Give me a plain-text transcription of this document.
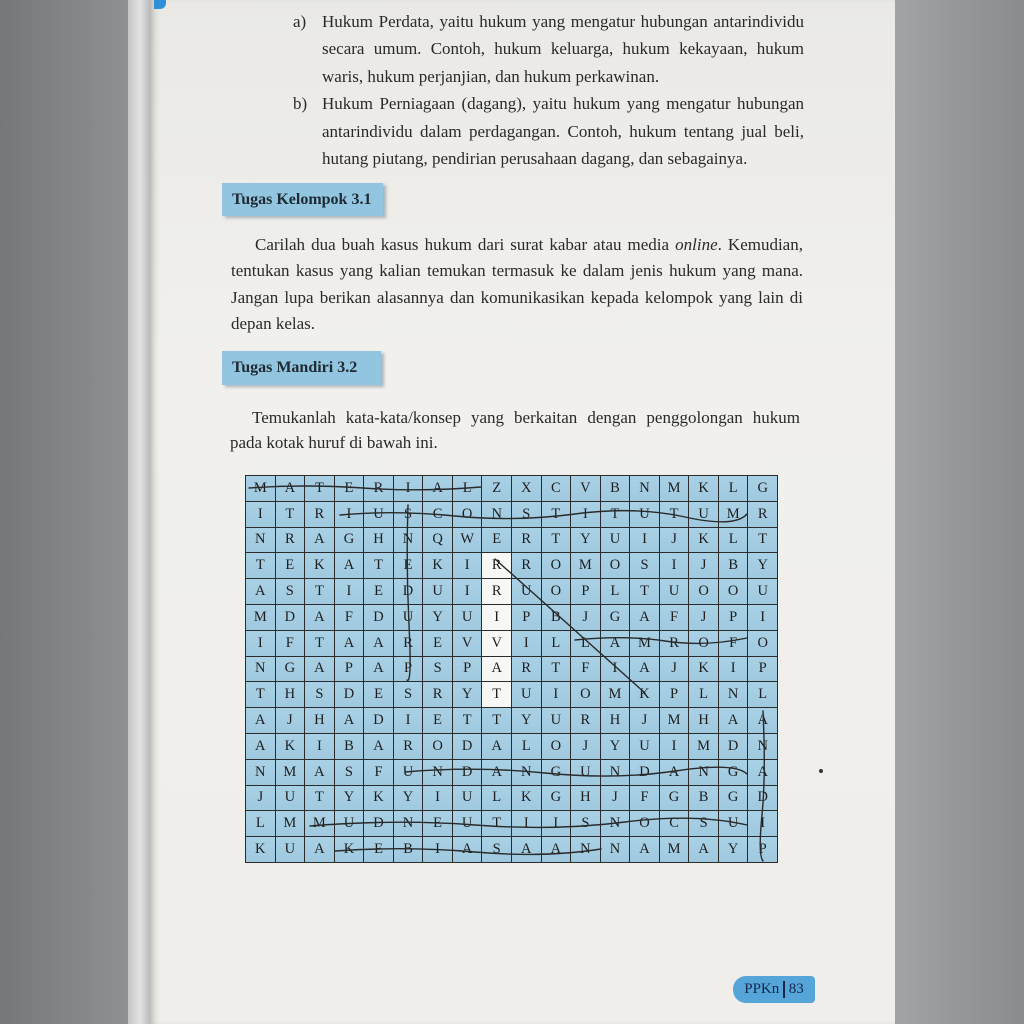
a) Hukum Perdata, yaitu hukum yang mengatur hubungan antarindividu
secara umum. Contoh, hukum keluarga, hukum kekayaan, hukum
waris, hukum perjanjian, dan hukum perkawinan.
b) Hukum Perniagaan (dagang), yaitu hukum yang mengatur hubungan
antarindividu dalam perdagangan. Contoh, hukum tentang jual beli,
hutang piutang, pendirian perusahaan dagang, dan sebagainya.
Tugas Kelompok 3.1
Carilah dua buah kasus hukum dari surat kabar atau media online. Kemudian,
tentukan kasus yang kalian temukan termasuk ke dalam jenis hukum yang mana.
Jangan lupa berikan alasannya dan komunikasikan kepada kelompok yang lain di
depan kelas.
Tugas Mandiri 3.2
Temukanlah kata-kata/konsep yang berkaitan dengan penggolongan hukum
pada kotak huruf di bawah ini.
M	A	T	E	R	I	A	L	Z	X	C	V	B	N	M	K	L	G
I	T	R	I	U	S	C	O	N	S	T	I	T	U	T	U	M	R
N	R	A	G	H	N	Q	W	E	R	T	Y	U	I	J	K	L	T
T	E	K	A	T	E	K	I	R	R	O	M	O	S	I	J	B	Y
A	S	T	I	E	D	U	I	R	U	O	P	L	T	U	O	O	U
M	D	A	F	D	U	Y	U	I	P	B	J	G	A	F	J	P	I
I	F	T	A	A	R	E	V	V	I	L	L	A	M	R	O	F	O
N	G	A	P	A	P	S	P	A	R	T	F	I	A	J	K	I	P
T	H	S	D	E	S	R	Y	T	U	I	O	M	K	P	L	N	L
A	J	H	A	D	I	E	T	T	Y	U	R	H	J	M	H	A	A
A	K	I	B	A	R	O	D	A	L	O	J	Y	U	I	M	D	N
N	M	A	S	F	U	N	D	A	N	G	U	N	D	A	N	G	A
J	U	T	Y	K	Y	I	U	L	K	G	H	J	F	G	B	G	D
L	M	M	U	D	N	E	U	T	I	I	S	N	O	C	S	U	I
K	U	A	K	E	B	I	A	S	A	A	N	N	A	M	A	Y	P
PPKn 83
